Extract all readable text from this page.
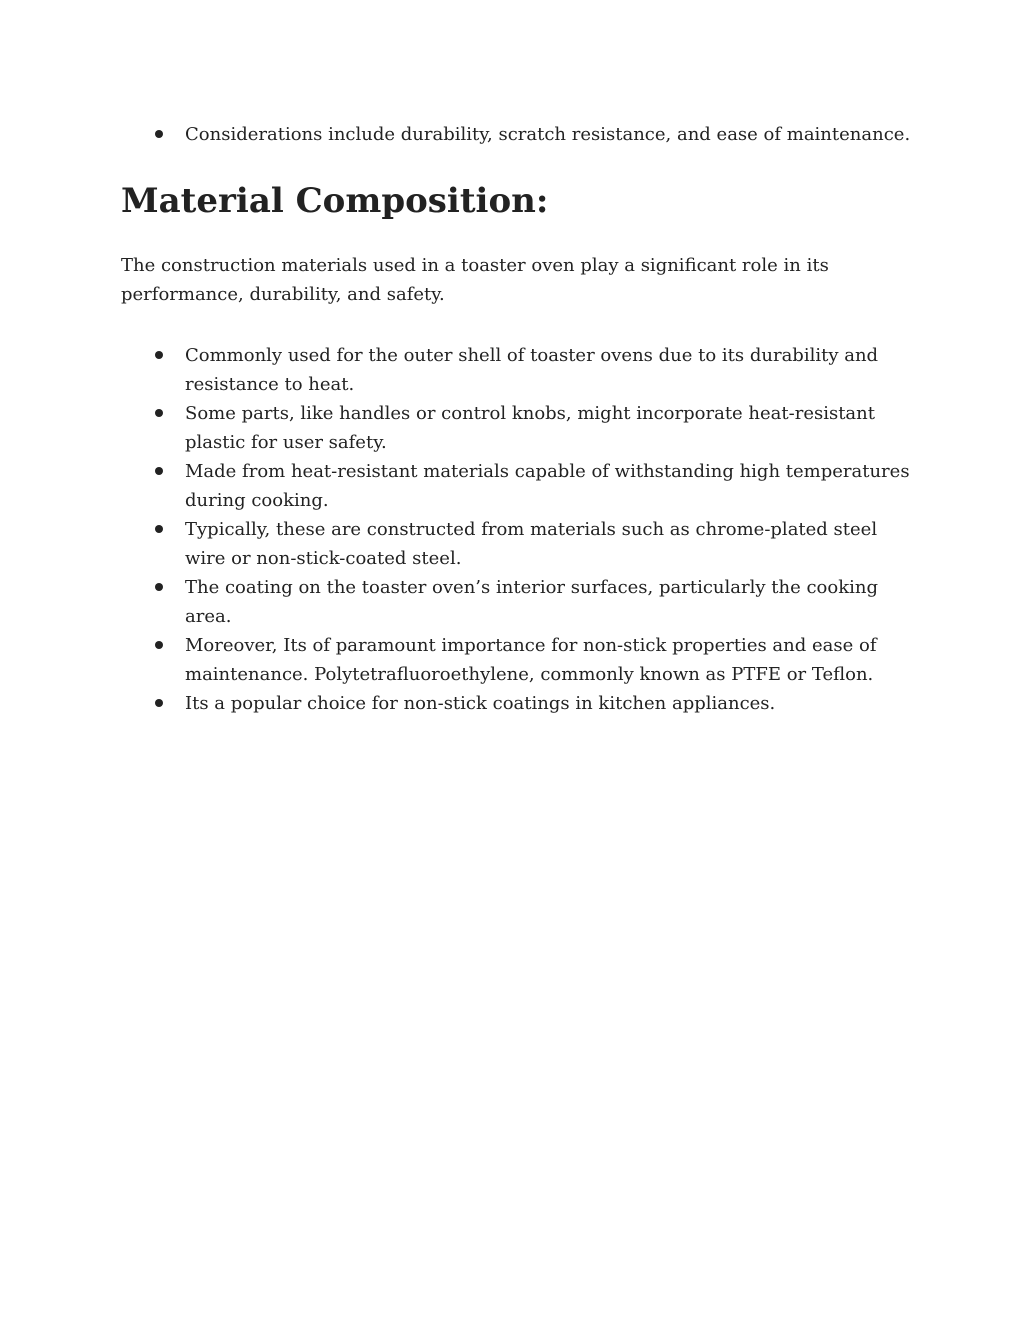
Considerations include durability, scratch resistance, and ease of maintenance.
Material Composition:

The construction materials used in a toaster oven play a significant role in its performance, durability, and safety.

Commonly used for the outer shell of toaster ovens due to its durability and resistance to heat.
Some parts, like handles or control knobs, might incorporate heat-resistant plastic for user safety.
Made from heat-resistant materials capable of withstanding high temperatures during cooking.
Typically, these are constructed from materials such as chrome-plated steel wire or non-stick-coated steel.
The coating on the toaster oven’s interior surfaces, particularly the cooking area.
Moreover, Its of paramount importance for non-stick properties and ease of maintenance. Polytetrafluoroethylene, commonly known as PTFE or Teflon.
Its a popular choice for non-stick coatings in kitchen appliances.
